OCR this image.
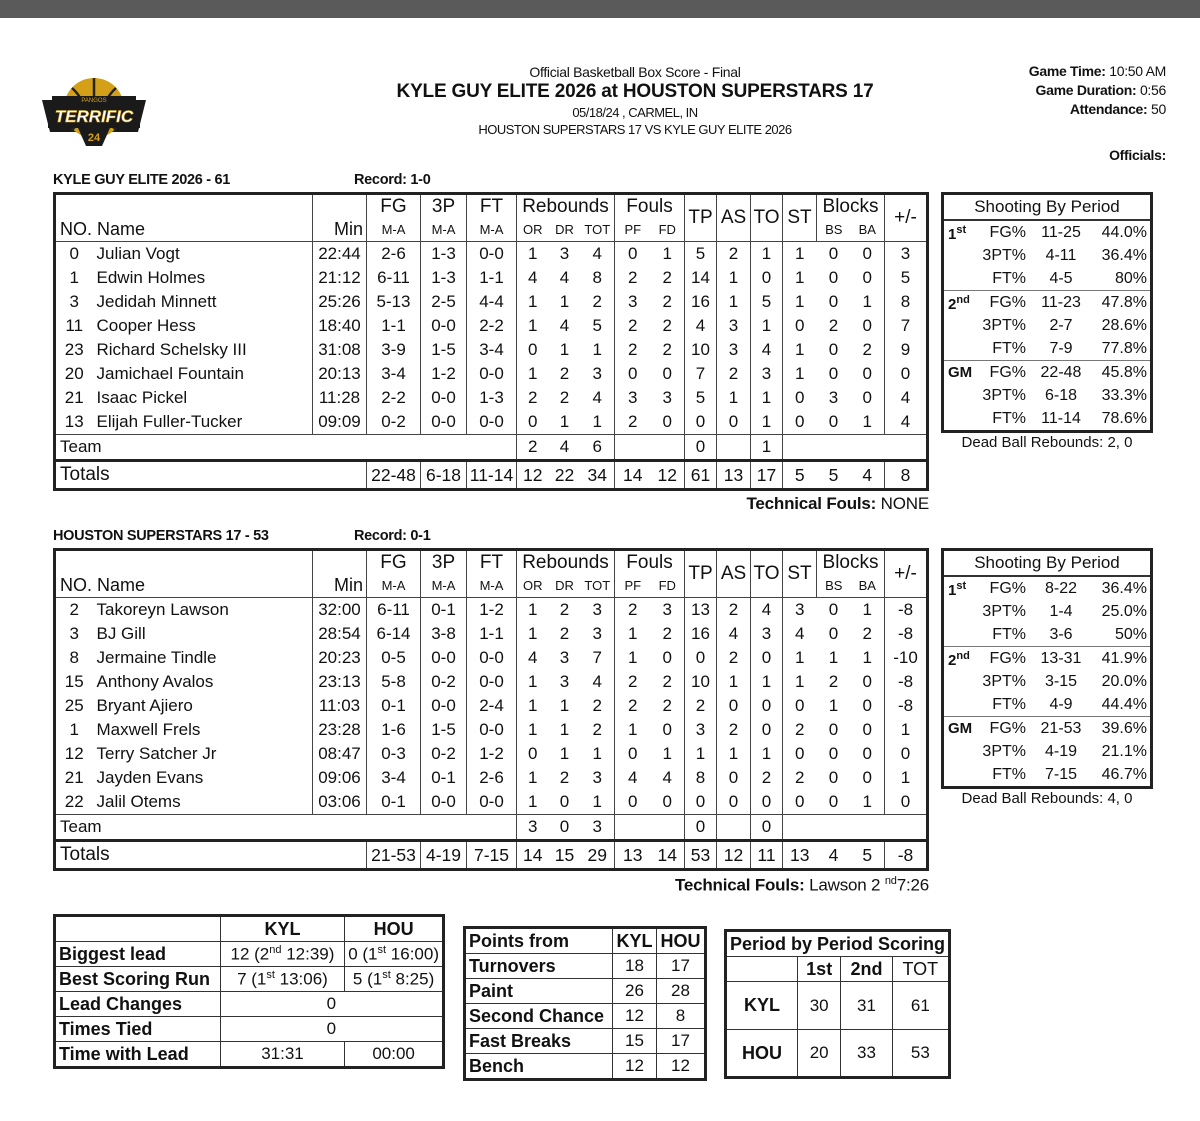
PANGOS
TERRIFIC
24
Official Basketball Box Score - Final
KYLE GUY ELITE 2026 at HOUSTON SUPERSTARS 17
05/18/24 , CARMEL, IN
HOUSTON SUPERSTARS 17 VS KYLE GUY ELITE 2026
Game Time: 10:50 AM
Game Duration: 0:56
Attendance: 50
Officials:
KYLE GUY ELITE 2026 - 61	Record: 1-0
			FG	3P	FT	Rebounds			Fouls		TP	AS	TO	ST	Blocks		+/-
NO. Name		Min	M-A	M-A	M-A	OR	DR	TOT	PF	FD					BS	BA	
0	Julian Vogt	22:44	2-6	1-3	0-0	1	3	4	0	1	5	2	1	1	0	0	3
1	Edwin Holmes	21:12	6-11	1-3	1-1	4	4	8	2	2	14	1	0	1	0	0	5
3	Jedidah Minnett	25:26	5-13	2-5	4-4	1	1	2	3	2	16	1	5	1	0	1	8
11	Cooper Hess	18:40	1-1	0-0	2-2	1	4	5	2	2	4	3	1	0	2	0	7
23	Richard Schelsky III	31:08	3-9	1-5	3-4	0	1	1	2	2	10	3	4	1	0	2	9
20	Jamichael Fountain	20:13	3-4	1-2	0-0	1	2	3	0	0	7	2	3	1	0	0	0
21	Isaac Pickel	11:28	2-2	0-0	1-3	2	2	4	3	3	5	1	1	0	3	0	4
13	Elijah Fuller-Tucker	09:09	0-2	0-0	0-0	0	1	1	2	0	0	0	1	0	0	1	4
Team						2	4	6			0		1				
Totals			22-48	6-18	11-14	12	22	34	14	12	61	13	17	5	5	4	8
Technical Fouls: NONE
Shooting By Period
1st	FG% 11-25	44.0%
3PT%	4-11	36.4%
FT%	4-5	80%
2nd	FG% 11-23	47.8%
3PT%	2-7	28.6%
FT%	7-9	77.8%
GM	FG% 22-48 45.8%
3PT%	6-18	33.3%
FT% 11-14	78.6%
Dead Ball Rebounds: 2, 0
HOUSTON SUPERSTARS 17 - 53	Record: 0-1
			FG	3P	FT	Rebounds			Fouls		TP	AS	TO	ST	Blocks		+/-
NO. Name		Min	M-A	M-A	M-A	OR	DR	TOT	PF	FD					BS	BA	
2	Takoreyn Lawson	32:00	6-11	0-1	1-2	1	2	3	2	3	13	2	4	3	0	1	-8
3	BJ Gill	28:54	6-14	3-8	1-1	1	2	3	1	2	16	4	3	4	0	2	-8
8	Jermaine Tindle	20:23	0-5	0-0	0-0	4	3	7	1	0	0	2	0	1	1	1	-10
15	Anthony Avalos	23:13	5-8	0-2	0-0	1	3	4	2	2	10	1	1	1	2	0	-8
25	Bryant Ajiero	11:03	0-1	0-0	2-4	1	1	2	2	2	2	0	0	0	1	0	-8
1	Maxwell Frels	23:28	1-6	1-5	0-0	1	1	2	1	0	3	2	0	2	0	0	1
12	Terry Satcher Jr	08:47	0-3	0-2	1-2	0	1	1	0	1	1	1	1	0	0	0	0
21	Jayden Evans	09:06	3-4	0-1	2-6	1	2	3	4	4	8	0	2	2	0	0	1
22	Jalil Otems	03:06	0-1	0-0	0-0	1	0	1	0	0	0	0	0	0	0	1	0
Team						3	0	3			0		0				
Totals			21-53	4-19	7-15	14	15	29	13	14	53	12	11	13	4	5	-8
Technical Fouls: Lawson 2 $^{nd}$7:26
Shooting By Period
1st	FG%	8-22	36.4%
3PT%	1-4	25.0%
FT%	3-6	50%
2nd	FG% 13-31 41.9%
3PT%	3-15	20.0%
FT%	4-9	44.4%
GM	FG% 21-53 39.6%
3PT%	4-19	21.1%
FT%	7-15	46.7%
Dead Ball Rebounds: 4, 0
	KYL	HOU
Biggest lead	12 (2nd 12:39)	0 (1st 16:00)
Best Scoring Run	7 (1st 13:06)	5 (1st 8:25)
Lead Changes	0	
Times Tied	0	
Time with Lead	31:31	00:00
Points from	KYL	HOU
Turnovers	18	17
Paint	26	28
Second Chance	12	8
Fast Breaks	15	17
Bench	12	12
Period by Period Scoring			
	1st	2nd	TOT
KYL	30	31	61
HOU	20	33	53
